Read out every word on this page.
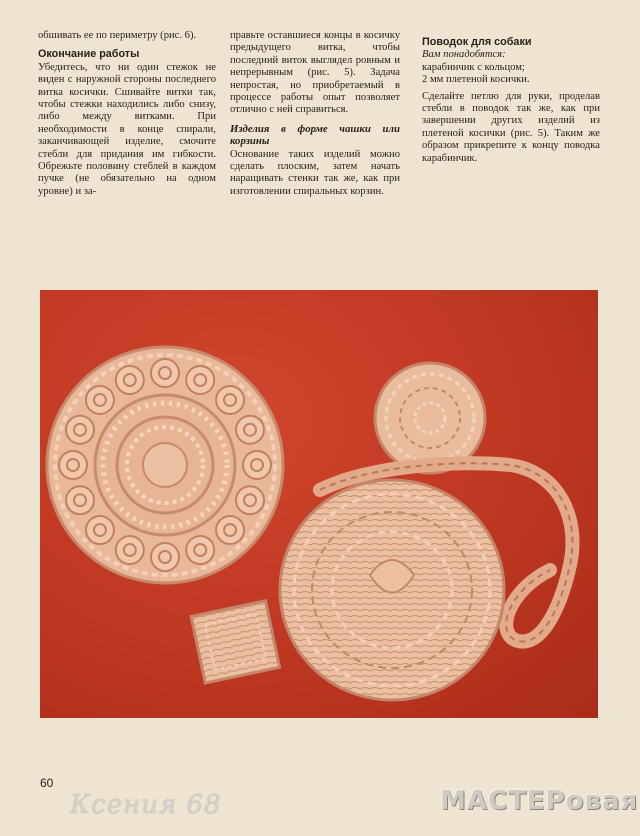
обшивать ее по периметру (рис. 6).

Окончание работы

Убедитесь, что ни один стежок не виден с наружной стороны последнего витка косички. Сшивайте витки так, чтобы стежки находились либо снизу, либо между витками. При необходимости в конце спирали, заканчивающей изделие, смочите стебли для придания им гибкости. Обрежьте половину стеблей в каждом пучке (не обязательно на одном уровне) и за-

правьте оставшиеся концы в косичку предыдущего витка, чтобы последний виток выглядел ровным и непрерывным (рис. 5). Задача непростая, но приобретаемый в процессе работы опыт позволяет отлично с ней справиться.

Изделия в форме чашки или корзины

Основание таких изделий можно сделать плоским, затем начать наращивать стенки так же, как при изготовлении спиральных корзин.

Поводок для собаки

Вам понадобятся:
карабинчик с кольцом;
2 мм плетеной косички.

Сделайте петлю для руки, проделав стебли в поводок так же, как при завершении других изделий из плетеной косички (рис. 5). Таким же образом прикрепите к концу поводка карабинчик.

60
Ксения 68	МАСТЕРовая
